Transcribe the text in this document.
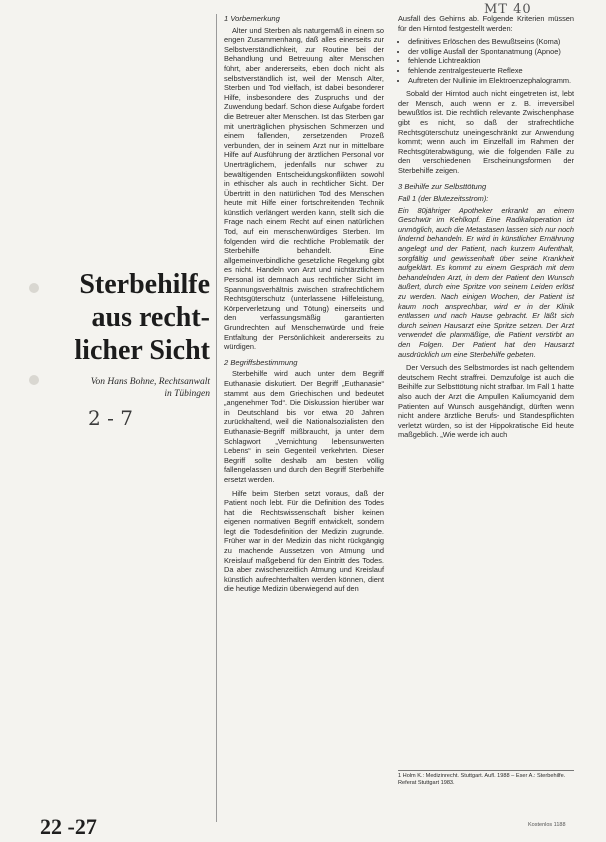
MT 40
Sterbehilfe
aus recht-
licher Sicht
Von Hans Bohne, Rechtsanwalt
in Tübingen
2 - 7
1 Vorbemerkung

Alter und Sterben als naturgemäß in einem so engen Zusammenhang, daß alles einerseits zur Selbstverständlichkeit, zur Routine bei der Behandlung und Betreuung alter Menschen führt, aber andererseits, eben doch nicht als selbstverständlich ist, weil der Mensch Alter, Sterben und Tod vielfach, ist dabei besonderer Hilfe, insbesondere des Zuspruchs und der Zuwendung bedarf. Schon diese Aufgabe fordert die Betreuer alter Menschen. Ist das Sterben gar mit unerträglichen physischen Schmerzen und einem fallenden, zersetzenden Prozeß verbunden, der in seinem Arzt nur in mittelbare Hilfe auf Ausführung der ärztlichen Personal vor Unerträglichem, jedenfalls nur schwer zu bewältigenden Entscheidungskonflikten sowohl in ethischer als auch in rechtlicher Sicht. Der Übertritt in den natürlichen Tod des Menschen heute mit Hilfe einer fortschreitenden Technik künstlich verlängert werden kann, stellt sich die Frage nach einem Recht auf einen natürlichen Tod, auf ein menschenwürdiges Sterben. Im folgenden wird die rechtliche Problematik der Sterbehilfe behandelt. Eine allgemeinverbindliche gesetzliche Regelung gibt es nicht. Handeln von Arzt und nichtärztlichem Personal ist demnach aus rechtlicher Sicht im Spannungsverhältnis zwischen strafrechtlichem Rechtsgüterschutz (unterlassene Hilfeleistung, Körperverletzung und Tötung) einerseits und den verfassungsmäßig garantierten Grundrechten auf Menschenwürde und freie Entfaltung der Persönlichkeit andererseits zu würdigen.

2 Begriffsbestimmung

Sterbehilfe wird auch unter dem Begriff Euthanasie diskutiert. Der Begriff „Euthanasie“ stammt aus dem Griechischen und bedeutet „angenehmer Tod“. Die Diskussion hierüber war in Deutschland bis vor etwa 20 Jahren zurückhaltend, weil die Nationalsozialisten den Euthanasie-Begriff mißbraucht, ja unter dem Schlagwort „Vernichtung lebensunwerten Lebens“ in sein Gegenteil verkehrten. Dieser Begriff sollte deshalb am besten völlig fallengelassen und durch den Begriff Sterbehilfe ersetzt werden.

Hilfe beim Sterben setzt voraus, daß der Patient noch lebt. Für die Definition des Todes hat die Rechtswissenschaft bisher keinen eigenen normativen Begriff entwickelt, sondern legt die Todesdefinition der Medizin zugrunde. Früher war in der Medizin das nicht rückgängig zu machende Aussetzen von Atmung und Kreislauf maßgebend für den Eintritt des Todes. Da aber zwischenzeitlich Atmung und Kreislauf künstlich aufrechterhalten werden können, dient die heutige Medizin überwiegend auf den

Ausfall des Gehirns ab. Folgende Kriterien müssen für den Hirntod festgestellt werden:

• definitives Erlöschen des Bewußtseins (Koma)
• der völlige Ausfall der Spontanatmung (Apnoe)
• fehlende Lichtreaktion
• fehlende zentralgesteuerte Reflexe
• Auftreten der Nullinie im Elektroenzephalogramm.

Sobald der Hirntod auch nicht eingetreten ist, lebt der Mensch, auch wenn er z. B. irreversibel bewußtlos ist. Die rechtlich relevante Zwischenphase gibt es nicht, so daß der strafrechtliche Rechtsgüterschutz uneingeschränkt zur Anwendung kommt; wenn auch im Einzelfall im Rahmen der Rechtsgüterabwägung, wie die folgenden Fälle zu den verschiedenen Erscheinungsformen der Sterbehilfe zeigen.

3 Beihilfe zur Selbsttötung
Fall 1 (der Blutezeitsstrom):

Ein 80jähriger Apotheker erkrankt an einem Geschwür im Kehlkopf. Eine Radikaloperation ist unmöglich, auch die Metastasen lassen sich nur noch lindernd behandeln. Er wird in künstlicher Ernährung angelegt und der Patient, nach kurzem Aufenthalt, sorgfältig und gewissenhaft über seine Krankheit aufgeklärt. Es kommt zu einem Gespräch mit dem behandelnden Arzt, in dem der Patient den Wunsch äußert, durch eine Spritze von seinem Leiden erlöst zu werden. Nach einigen Wochen, der Patient ist kaum noch ansprechbar, wird er in der Klinik entlassen und nach Hause gebracht. Er läßt sich durch seinen Hausarzt eine Spritze setzen. Der Arzt verwendet die planmäßige, die Patient verstirbt an den Folgen. Der Patient hat den Hausarzt ausdrücklich um eine Sterbehilfe gebeten.

Der Versuch des Selbstmordes ist nach geltendem deutschem Recht straffrei. Demzufolge ist auch die Beihilfe zur Selbsttötung nicht strafbar. Im Fall 1 hatte also auch der Arzt die Ampullen Kaliumcyanid dem Patienten auf Wunsch ausgehändigt, dürften wenn nicht andere ärztliche Berufs- und Standespflichten verletzt würden, so ist der Hippokratische Eid heute maßgeblich. „Wie werde ich auch

1 Holm K.: Medizinrecht. Stuttgart. Aufl. 1988 – Eser A.: Sterbehilfe. Referat Stuttgart 1983.
Kostenlos 1188
22 -27
